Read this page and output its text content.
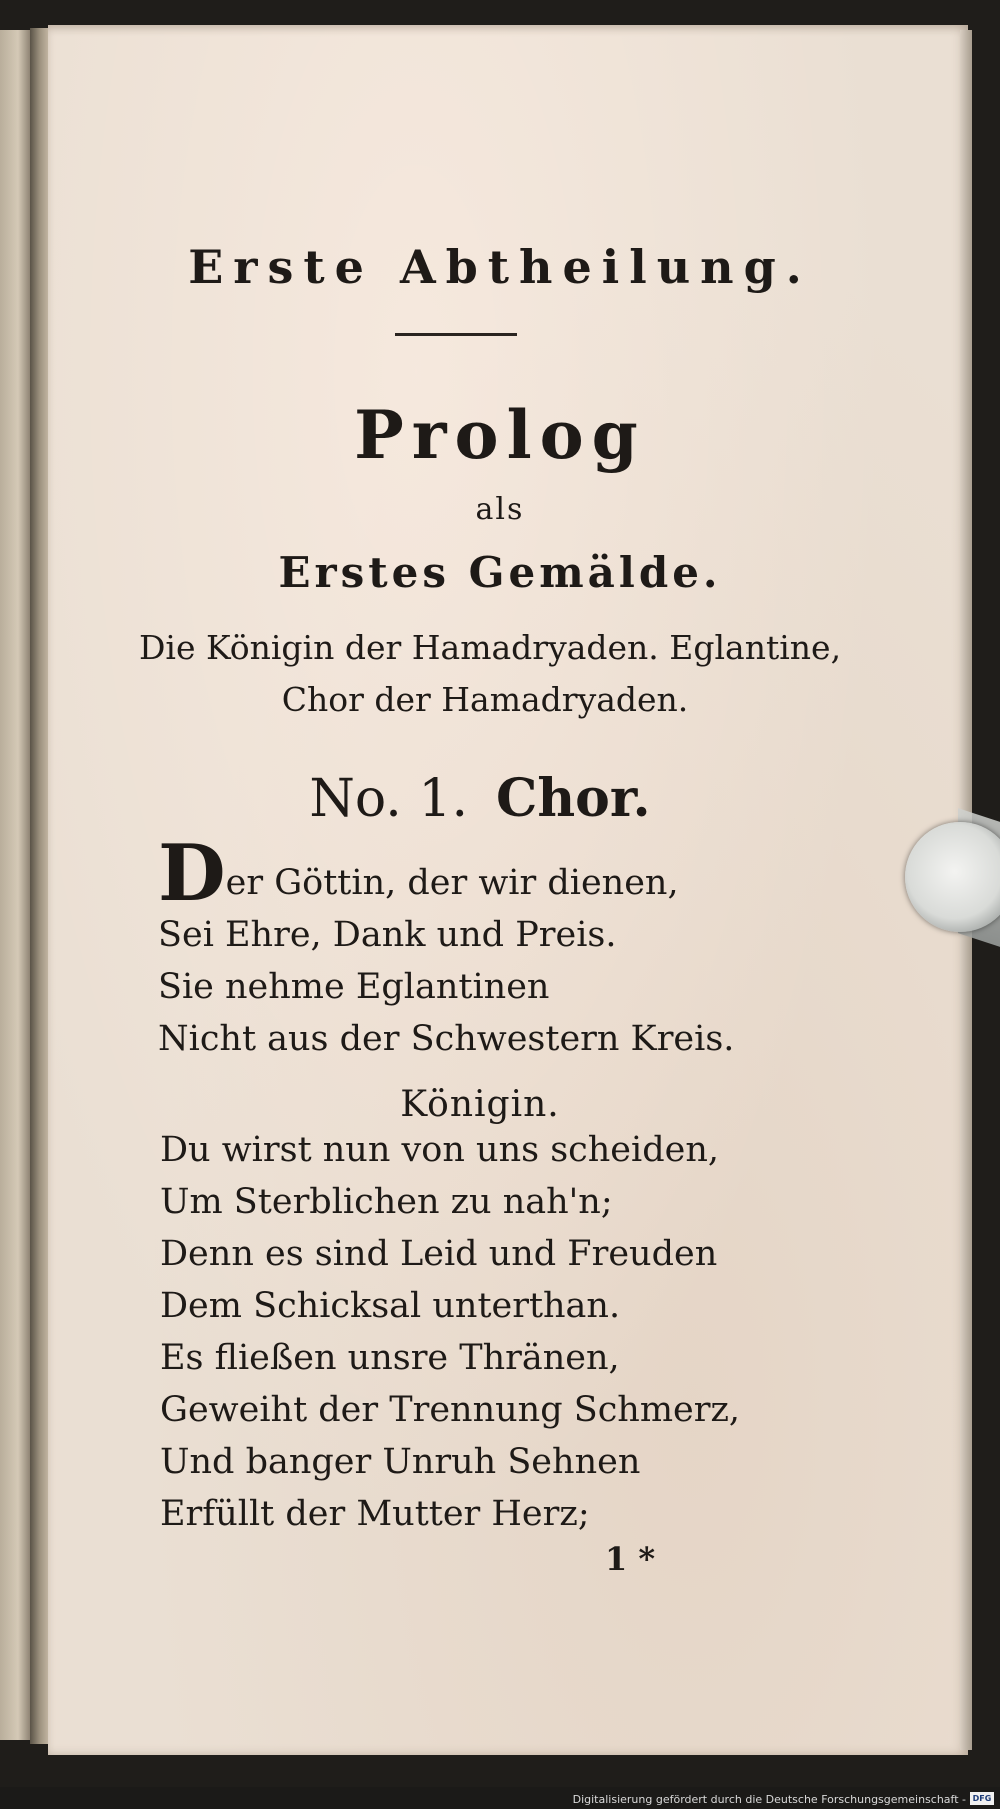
Erste Abtheilung.

Prolog

als

Erstes Gemälde.

Die Königin der Hamadryaden. Eglantine,

Chor der Hamadryaden.

No. 1. Chor.

Der Göttin, der wir dienen,
Sei Ehre, Dank und Preis.
Sie nehme Eglantinen
Nicht aus der Schwestern Kreis.

Königin.

Du wirst nun von uns scheiden,
Um Sterblichen zu nah'n;
Denn es sind Leid und Freuden
Dem Schicksal unterthan.
Es fließen unsre Thränen,
Geweiht der Trennung Schmerz,
Und banger Unruh Sehnen
Erfüllt der Mutter Herz;
1 *
Digitalisierung gefördert durch die Deutsche Forschungsgemeinschaft - DFG
